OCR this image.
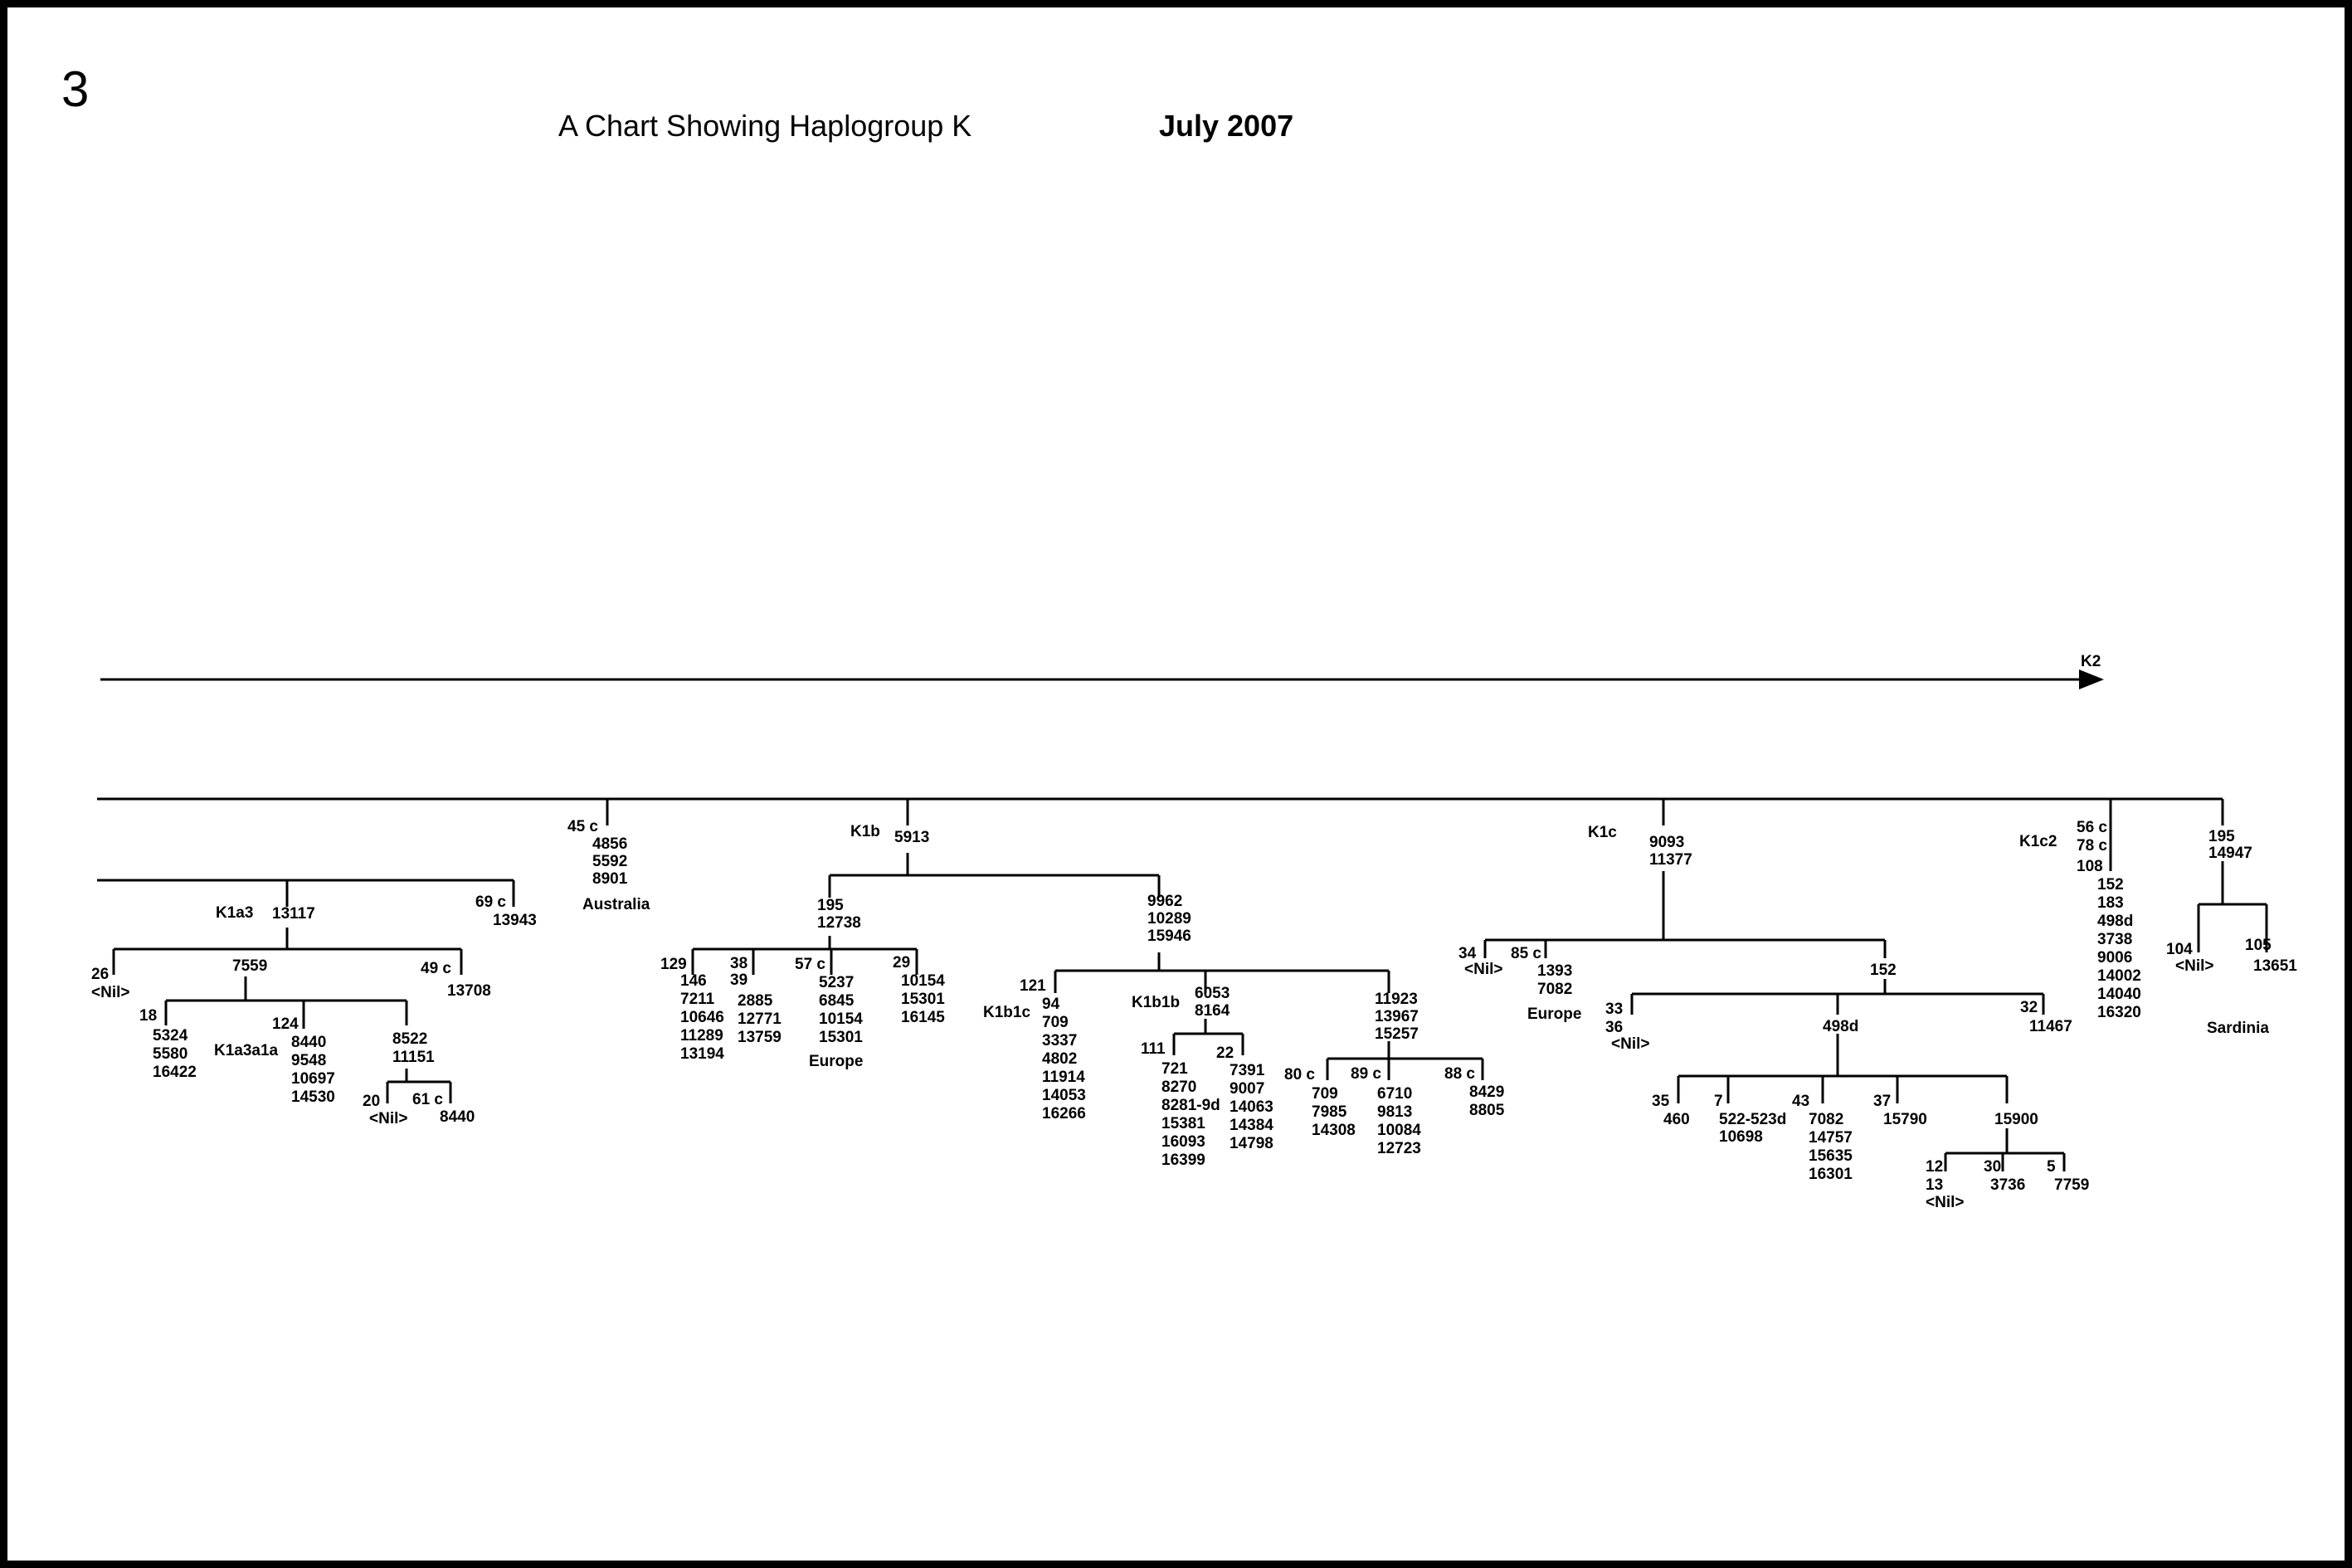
3
A Chart Showing Haplogroup K	July 2007
K2
45 c
4856
5592
8901
Australia
K1b 5913
K1a3 13117
69 c
13943
26
<Nil>
7559	49 c
13708
18
5324
5580
16422
K1a3a1a
124
8440
9548
10697
14530
8522
11151
20
<Nil>
61 c
8440
195
12738
129
146
7211
10646
11289
13194
38
39
2885
12771
13759
57 c
5237
6845
10154
15301
Europe
29
10154
15301
16145
9962
10289
15946
121
K1b1c 94
709
3337
4802
11914
14053
16266
K1b1b
6053
8164
111
721
8270
8281-9d
15381
16093
16399
22
7391
9007
14063
14384
14798
11923
13967
15257
80 c
709
7985
14308
89 c
6710
9813
10084
12723
88 c
8429
8805
K1c
9093
11377
34
<Nil>
85 c
1393
7082
Europe
152
33
36
<Nil>
498d
32
11467
35
460
7
522-523d
10698
43
7082
14757
15635
16301
37
15790	15900
12
13
<Nil>
30
3736
5
7759
K1c2
56 c
78 c
108
152
183
498d
3738
9006
14002
14040
16320
195
14947
104
<Nil>
105
13651
Sardinia
